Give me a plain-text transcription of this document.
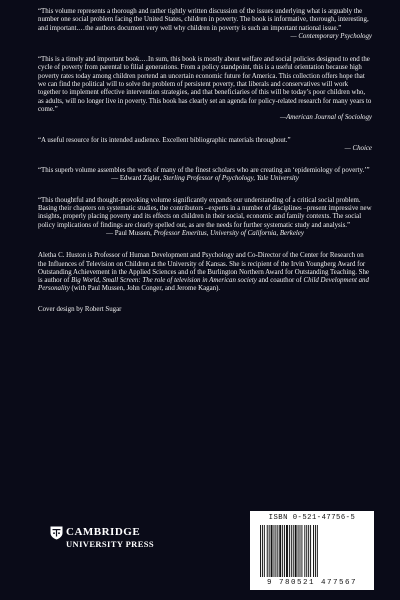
“This volume represents a thorough and rather tightly written discussion of the issues underlying what is arguably the number one social problem facing the United States, children in poverty. The book is informative, thorough, interesting, and important.…the authors document very well why children in poverty is such an important national issue.”

— Contemporary Psychology

“This is a timely and important book.…In sum, this book is mostly about welfare and social policies designed to end the cycle of poverty from parental to filial generations. From a policy standpoint, this is a useful orientation because high poverty rates today among children portend an uncertain economic future for America. This collection offers hope that we can find the political will to solve the problem of persistent poverty, that liberals and conservatives will work together to implement effective intervention strategies, and that beneficiaries of this will be today’s poor children who, as adults, will no longer live in poverty. This book has clearly set an agenda for policy-related research for many years to come.”

—American Journal of Sociology

“A useful resource for its intended audience. Excellent bibliographic materials throughout.”

— Choice

“This superb volume assembles the work of many of the finest scholars who are creating an ‘epidemiology of poverty.’”

— Edward Zigler, Sterling Professor of Psychology, Yale University

“This thoughtful and thought-provoking volume significantly expands our understanding of a critical social problem. Basing their chapters on systematic studies, the contributors –experts in a number of disciplines –present impressive new insights, properly placing poverty and its effects on children in their social, economic and family contexts. The social policy implications of findings are clearly spelled out, as are the needs for further systematic study and analysis.”

— Paul Mussen, Professor Emeritus, University of California, Berkeley

Aletha C. Huston is Professor of Human Development and Psychology and Co-Director of the Center for Research on the Influences of Television on Children at the University of Kansas. She is recipient of the Irvin Youngberg Award for Outstanding Achievement in the Applied Sciences and of the Burlington Northern Award for Outstanding Teaching. She is author of Big World, Small Screen: The role of television in American society and coauthor of Child Development and Personality (with Paul Mussen, John Conger, and Jerome Kagan).

Cover design by Robert Sugar

CAMBRIDGE
UNIVERSITY PRESS
ISBN 0-521-47756-5
9 780521 477567
